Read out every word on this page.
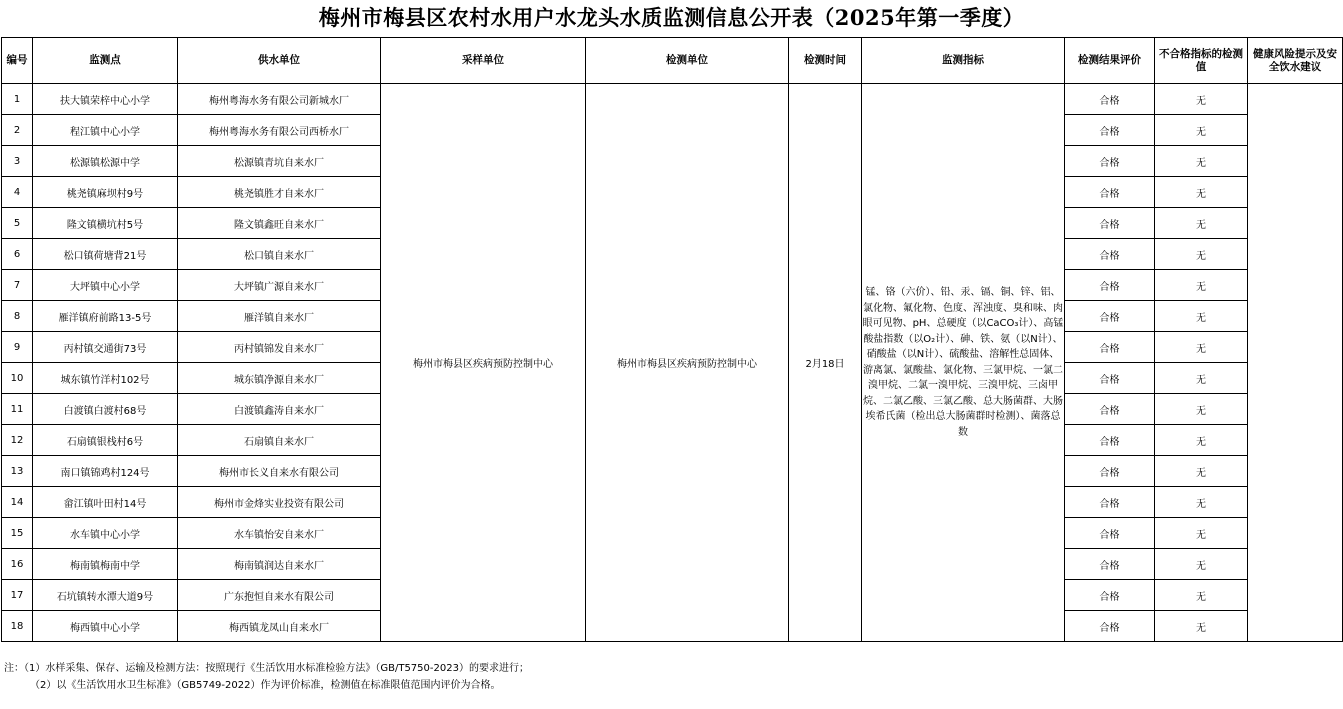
梅州市梅县区农村水用户水龙头水质监测信息公开表（2025年第一季度）
编号	监测点	供水单位	采样单位	检测单位	检测时间	监测指标	检测结果评价	不合格指标的检测值	健康风险提示及安全饮水建议
1	扶大镇荣梓中心小学	梅州粤海水务有限公司新城水厂	梅州市梅县区疾病预防控制中心	梅州市梅县区疾病预防控制中心	2月18日	锰、铬（六价）、铅、汞、镉、铜、锌、铝、氯化物、氟化物、色度、浑浊度、臭和味、肉眼可见物、pH、总硬度（以CaCO₃计）、高锰酸盐指数（以O₂计）、砷、铁、氨（以N计）、硝酸盐（以N计）、硫酸盐、溶解性总固体、游离氯、氯酸盐、氯化物、三氯甲烷、一氯二溴甲烷、二氯一溴甲烷、三溴甲烷、三卤甲烷、二氯乙酸、三氯乙酸、总大肠菌群、大肠埃希氏菌（检出总大肠菌群时检测）、菌落总数	合格	无	
2	程江镇中心小学	梅州粤海水务有限公司西桥水厂					合格	无	
3	松源镇松源中学	松源镇青坑自来水厂					合格	无	
4	桃尧镇麻坝村9号	桃尧镇胜才自来水厂					合格	无	
5	隆文镇横坑村5号	隆文镇鑫旺自来水厂					合格	无	
6	松口镇荷塘背21号	松口镇自来水厂					合格	无	
7	大坪镇中心小学	大坪镇广源自来水厂					合格	无	
8	雁洋镇府前路13-5号	雁洋镇自来水厂					合格	无	
9	丙村镇交通街73号	丙村镇锦发自来水厂					合格	无	
10	城东镇竹洋村102号	城东镇净源自来水厂					合格	无	
11	白渡镇白渡村68号	白渡镇鑫涛自来水厂					合格	无	
12	石扇镇银栈村6号	石扇镇自来水厂					合格	无	
13	南口镇锦鸡村124号	梅州市长义自来水有限公司					合格	无	
14	畲江镇叶田村14号	梅州市金烽实业投资有限公司					合格	无	
15	水车镇中心小学	水车镇怡安自来水厂					合格	无	
16	梅南镇梅南中学	梅南镇润达自来水厂					合格	无	
17	石坑镇转水潭大道9号	广东抱恒自来水有限公司					合格	无	
18	梅西镇中心小学	梅西镇龙凤山自来水厂					合格	无	
注：（1）水样采集、保存、运输及检测方法：按照现行《生活饮用水标准检验方法》（GB/T5750-2023）的要求进行；
（2）以《生活饮用水卫生标准》（GB5749-2022）作为评价标准，检测值在标准限值范围内评价为合格。
